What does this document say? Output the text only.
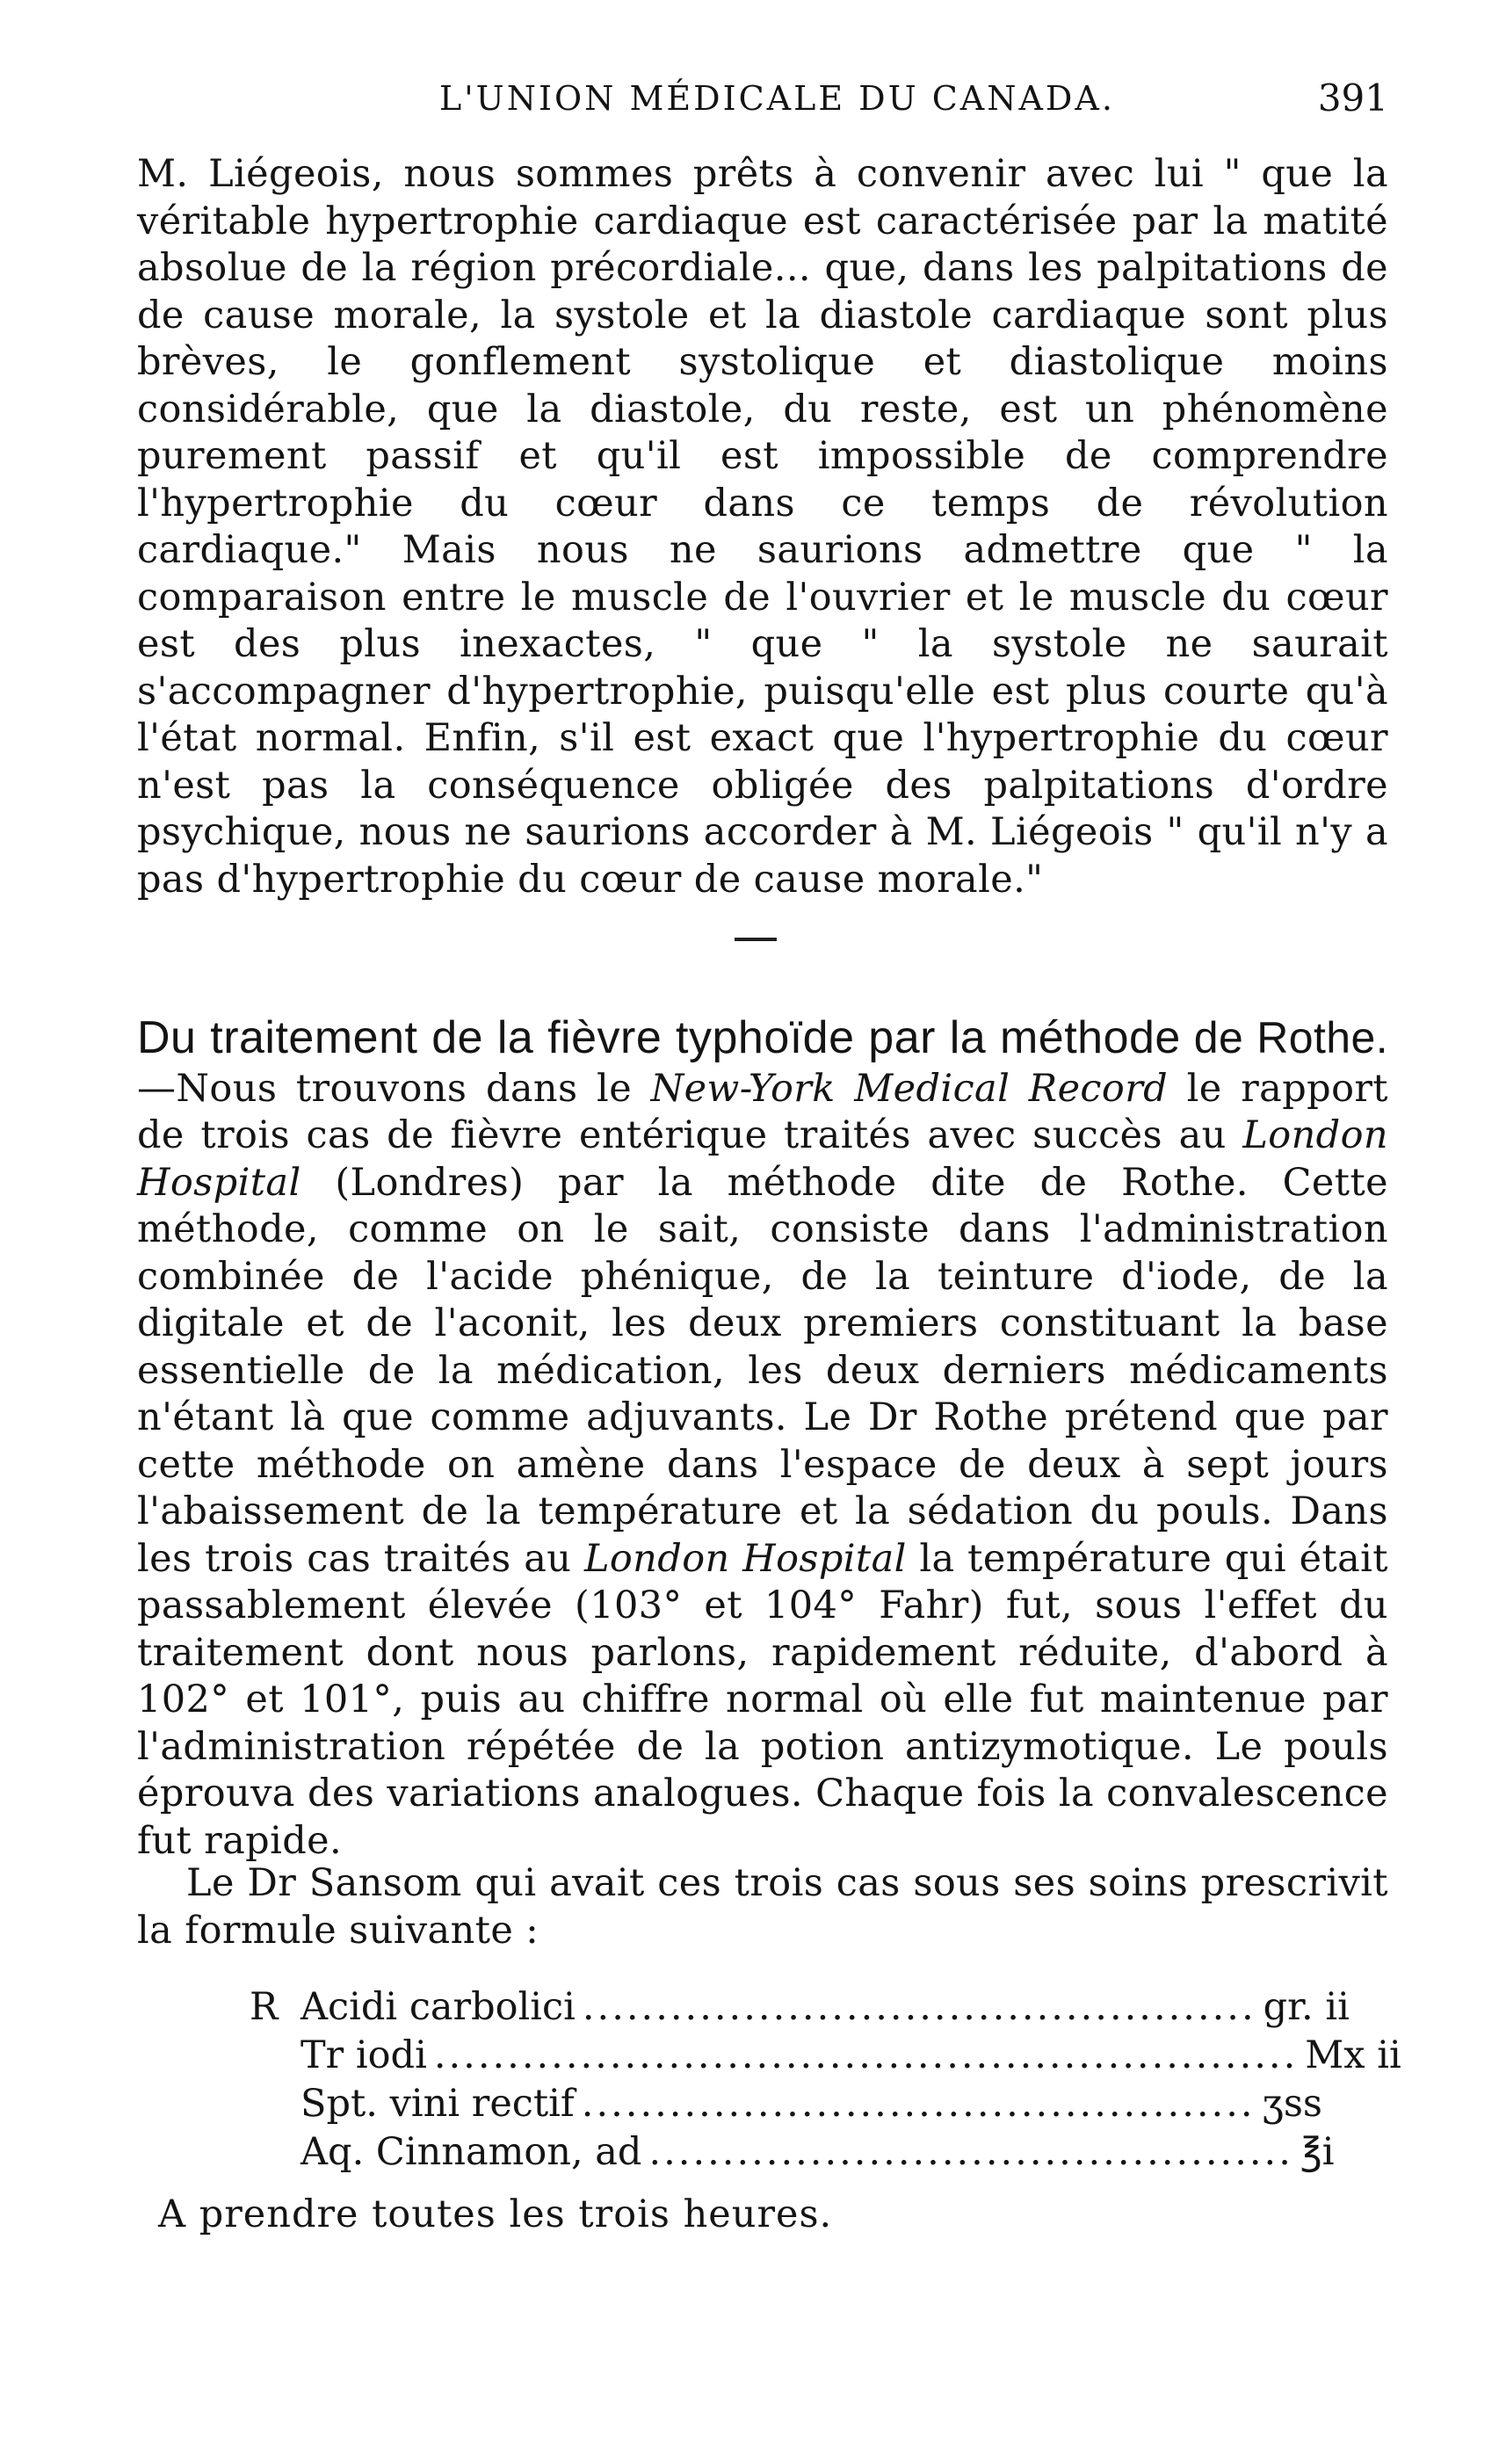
L'UNION MÉDICALE DU CANADA.	391
M. Liégeois, nous sommes prêts à convenir avec lui " que la véritable hypertrophie cardiaque est caractérisée par la matité absolue de la région précordiale... que, dans les palpitations de de cause morale, la systole et la diastole cardiaque sont plus brèves, le gonflement systolique et diastolique moins considérable, que la diastole, du reste, est un phénomène purement passif et qu'il est impossible de comprendre l'hypertrophie du cœur dans ce temps de révolution cardiaque." Mais nous ne saurions admettre que " la comparaison entre le muscle de l'ouvrier et le muscle du cœur est des plus inexactes, " que " la systole ne saurait s'accompagner d'hypertrophie, puisqu'elle est plus courte qu'à l'état normal. Enfin, s'il est exact que l'hypertrophie du cœur n'est pas la conséquence obligée des palpitations d'ordre psychique, nous ne saurions accorder à M. Liégeois " qu'il n'y a pas d'hypertrophie du cœur de cause morale."
Du traitement de la fièvre typhoïde par la méthode de Rothe.—Nous trouvons dans le New-York Medical Record le rapport de trois cas de fièvre entérique traités avec succès au London Hospital (Londres) par la méthode dite de Rothe. Cette méthode, comme on le sait, consiste dans l'administration combinée de l'acide phénique, de la teinture d'iode, de la digitale et de l'aconit, les deux premiers constituant la base essentielle de la médication, les deux derniers médicaments n'étant là que comme adjuvants. Le Dr Rothe prétend que par cette méthode on amène dans l'espace de deux à sept jours l'abaissement de la température et la sédation du pouls. Dans les trois cas traités au London Hospital la température qui était passablement élevée (103° et 104° Fahr) fut, sous l'effet du traitement dont nous parlons, rapidement réduite, d'abord à 102° et 101°, puis au chiffre normal où elle fut maintenue par l'administration répétée de la potion antizymotique. Le pouls éprouva des variations analogues. Chaque fois la convalescence fut rapide.
Le Dr Sansom qui avait ces trois cas sous ses soins prescrivit la formule suivante :
R Acidi carbolici .............................................. gr. ii
Tr iodi ........................................................... Mx ii
Spt. vini rectif .............................................. ʒss
Aq. Cinnamon, ad ............................................ ℥i
A prendre toutes les trois heures.
